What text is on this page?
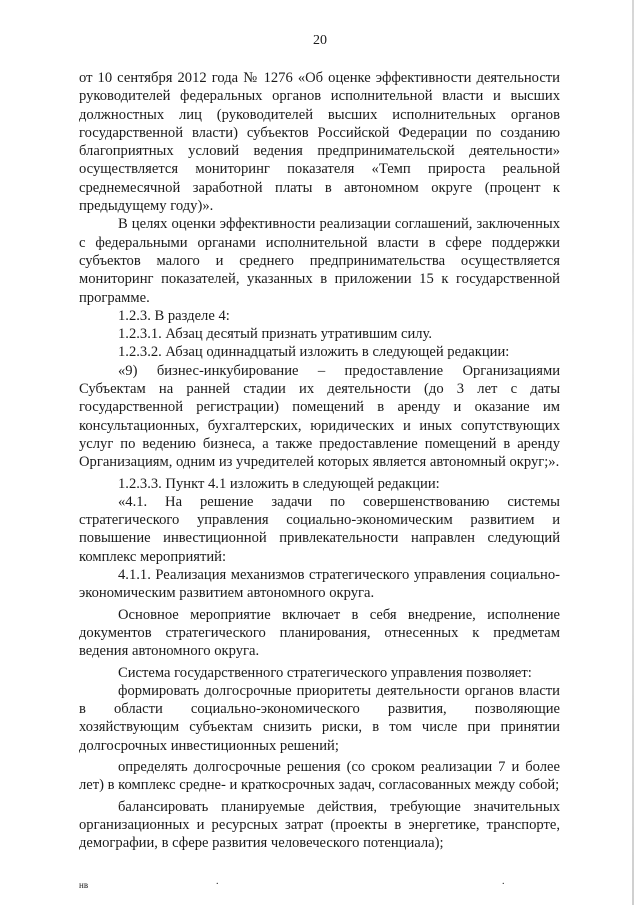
20

от 10 сентября 2012 года № 1276 «Об оценке эффективности деятельности руководителей федеральных органов исполнительной власти и высших должностных лиц (руководителей высших исполнительных органов государственной власти) субъектов Российской Федерации по созданию благоприятных условий ведения предпринимательской деятельности» осуществляется мониторинг показателя «Темп прироста реальной среднемесячной заработной платы в автономном округе (процент к предыдущему году)».

В целях оценки эффективности реализации соглашений, заключенных с федеральными органами исполнительной власти в сфере поддержки субъектов малого и среднего предпринимательства осуществляется мониторинг показателей, указанных в приложении 15 к государственной программе.

1.2.3. В разделе 4:

1.2.3.1. Абзац десятый признать утратившим силу.

1.2.3.2. Абзац одиннадцатый изложить в следующей редакции:

«9) бизнес-инкубирование – предоставление Организациями Субъектам на ранней стадии их деятельности (до 3 лет с даты государственной регистрации) помещений в аренду и оказание им консультационных, бухгалтерских, юридических и иных сопутствующих услуг по ведению бизнеса, а также предоставление помещений в аренду Организациям, одним из учредителей которых является автономный округ;».

1.2.3.3. Пункт 4.1 изложить в следующей редакции:

«4.1. На решение задачи по совершенствованию системы стратегического управления социально-экономическим развитием и повышение инвестиционной привлекательности направлен следующий комплекс мероприятий:

4.1.1. Реализация механизмов стратегического управления социально-экономическим развитием автономного округа.

Основное мероприятие включает в себя внедрение, исполнение документов стратегического планирования, отнесенных к предметам ведения автономного округа.

Система государственного стратегического управления позволяет:

формировать долгосрочные приоритеты деятельности органов власти в области социально-экономического развития, позволяющие хозяйствующим субъектам снизить риски, в том числе при принятии долгосрочных инвестиционных решений;

определять долгосрочные решения (со сроком реализации 7 и более лет) в комплекс средне- и краткосрочных задач, согласованных между собой;

балансировать планируемые действия, требующие значительных организационных и ресурсных затрат (проекты в энергетике, транспорте, демографии, в сфере развития человеческого потенциала);

нв	.	.
